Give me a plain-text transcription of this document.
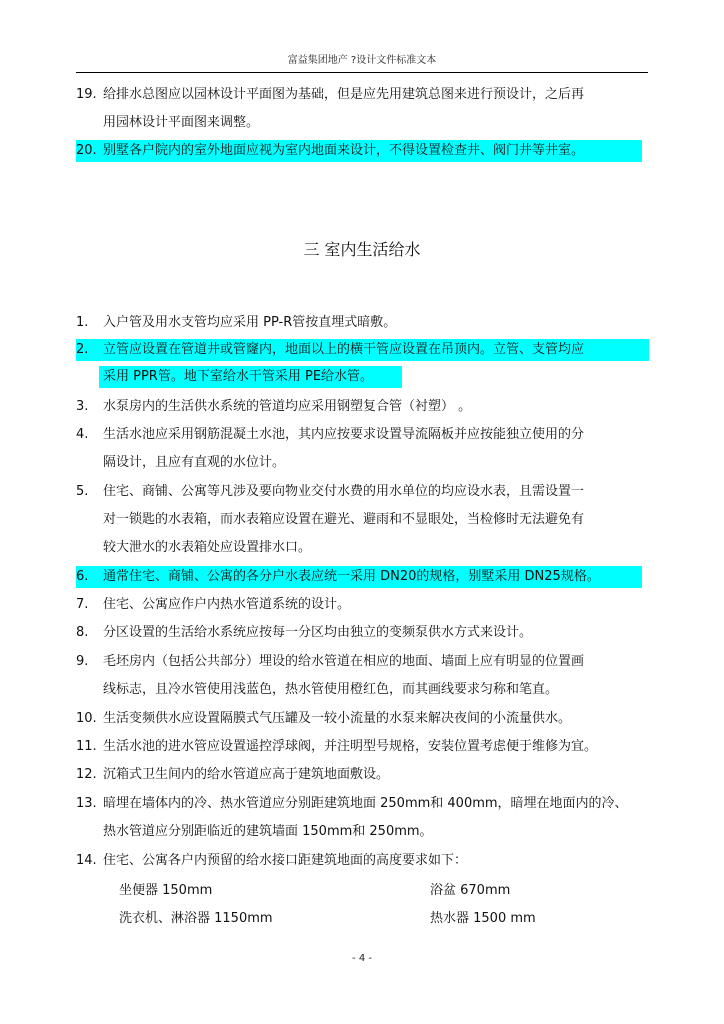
富益集团地产 ?设计文件标准文本
19. 给排水总图应以园林设计平面图为基础，但是应先用建筑总图来进行预设计，之后再
用园林设计平面图来调整。
20. 别墅各户院内的室外地面应视为室内地面来设计，不得设置检查井、阀门井等井室。
三 室内生活给水
1. 入户管及用水支管均应采用 PP-R管按直埋式暗敷。
2. 立管应设置在管道井或管窿内，地面以上的横干管应设置在吊顶内。立管、支管均应
采用 PPR管。地下室给水干管采用 PE给水管。
3. 水泵房内的生活供水系统的管道均应采用钢塑复合管（衬塑） 。
4. 生活水池应采用钢筋混凝土水池，其内应按要求设置导流隔板并应按能独立使用的分
隔设计，且应有直观的水位计。
5. 住宅、商铺、公寓等凡涉及要向物业交付水费的用水单位的均应设水表，且需设置一
对一锁匙的水表箱，而水表箱应设置在避光、避雨和不显眼处，当检修时无法避免有
较大泄水的水表箱处应设置排水口。
6. 通常住宅、商铺、公寓的各分户水表应统一采用 DN20的规格，别墅采用 DN25规格。
7. 住宅、公寓应作户内热水管道系统的设计。
8. 分区设置的生活给水系统应按每一分区均由独立的变频泵供水方式来设计。
9. 毛坯房内（包括公共部分）埋设的给水管道在相应的地面、墙面上应有明显的位置画
线标志，且冷水管使用浅蓝色，热水管使用橙红色，而其画线要求匀称和笔直。
10. 生活变频供水应设置隔膜式气压罐及一较小流量的水泵来解决夜间的小流量供水。
11. 生活水池的进水管应设置遥控浮球阀，并注明型号规格，安装位置考虑便于维修为宜。
12. 沉箱式卫生间内的给水管道应高于建筑地面敷设。
13. 暗埋在墙体内的冷、热水管道应分别距建筑地面 250mm和 400mm，暗埋在地面内的冷、
热水管道应分别距临近的建筑墙面 150mm和 250mm。
14. 住宅、公寓各户内预留的给水接口距建筑地面的高度要求如下：
坐便器 150mm	浴盆 670mm
洗衣机、淋浴器 1150mm	热水器 1500 mm
- 4 -
